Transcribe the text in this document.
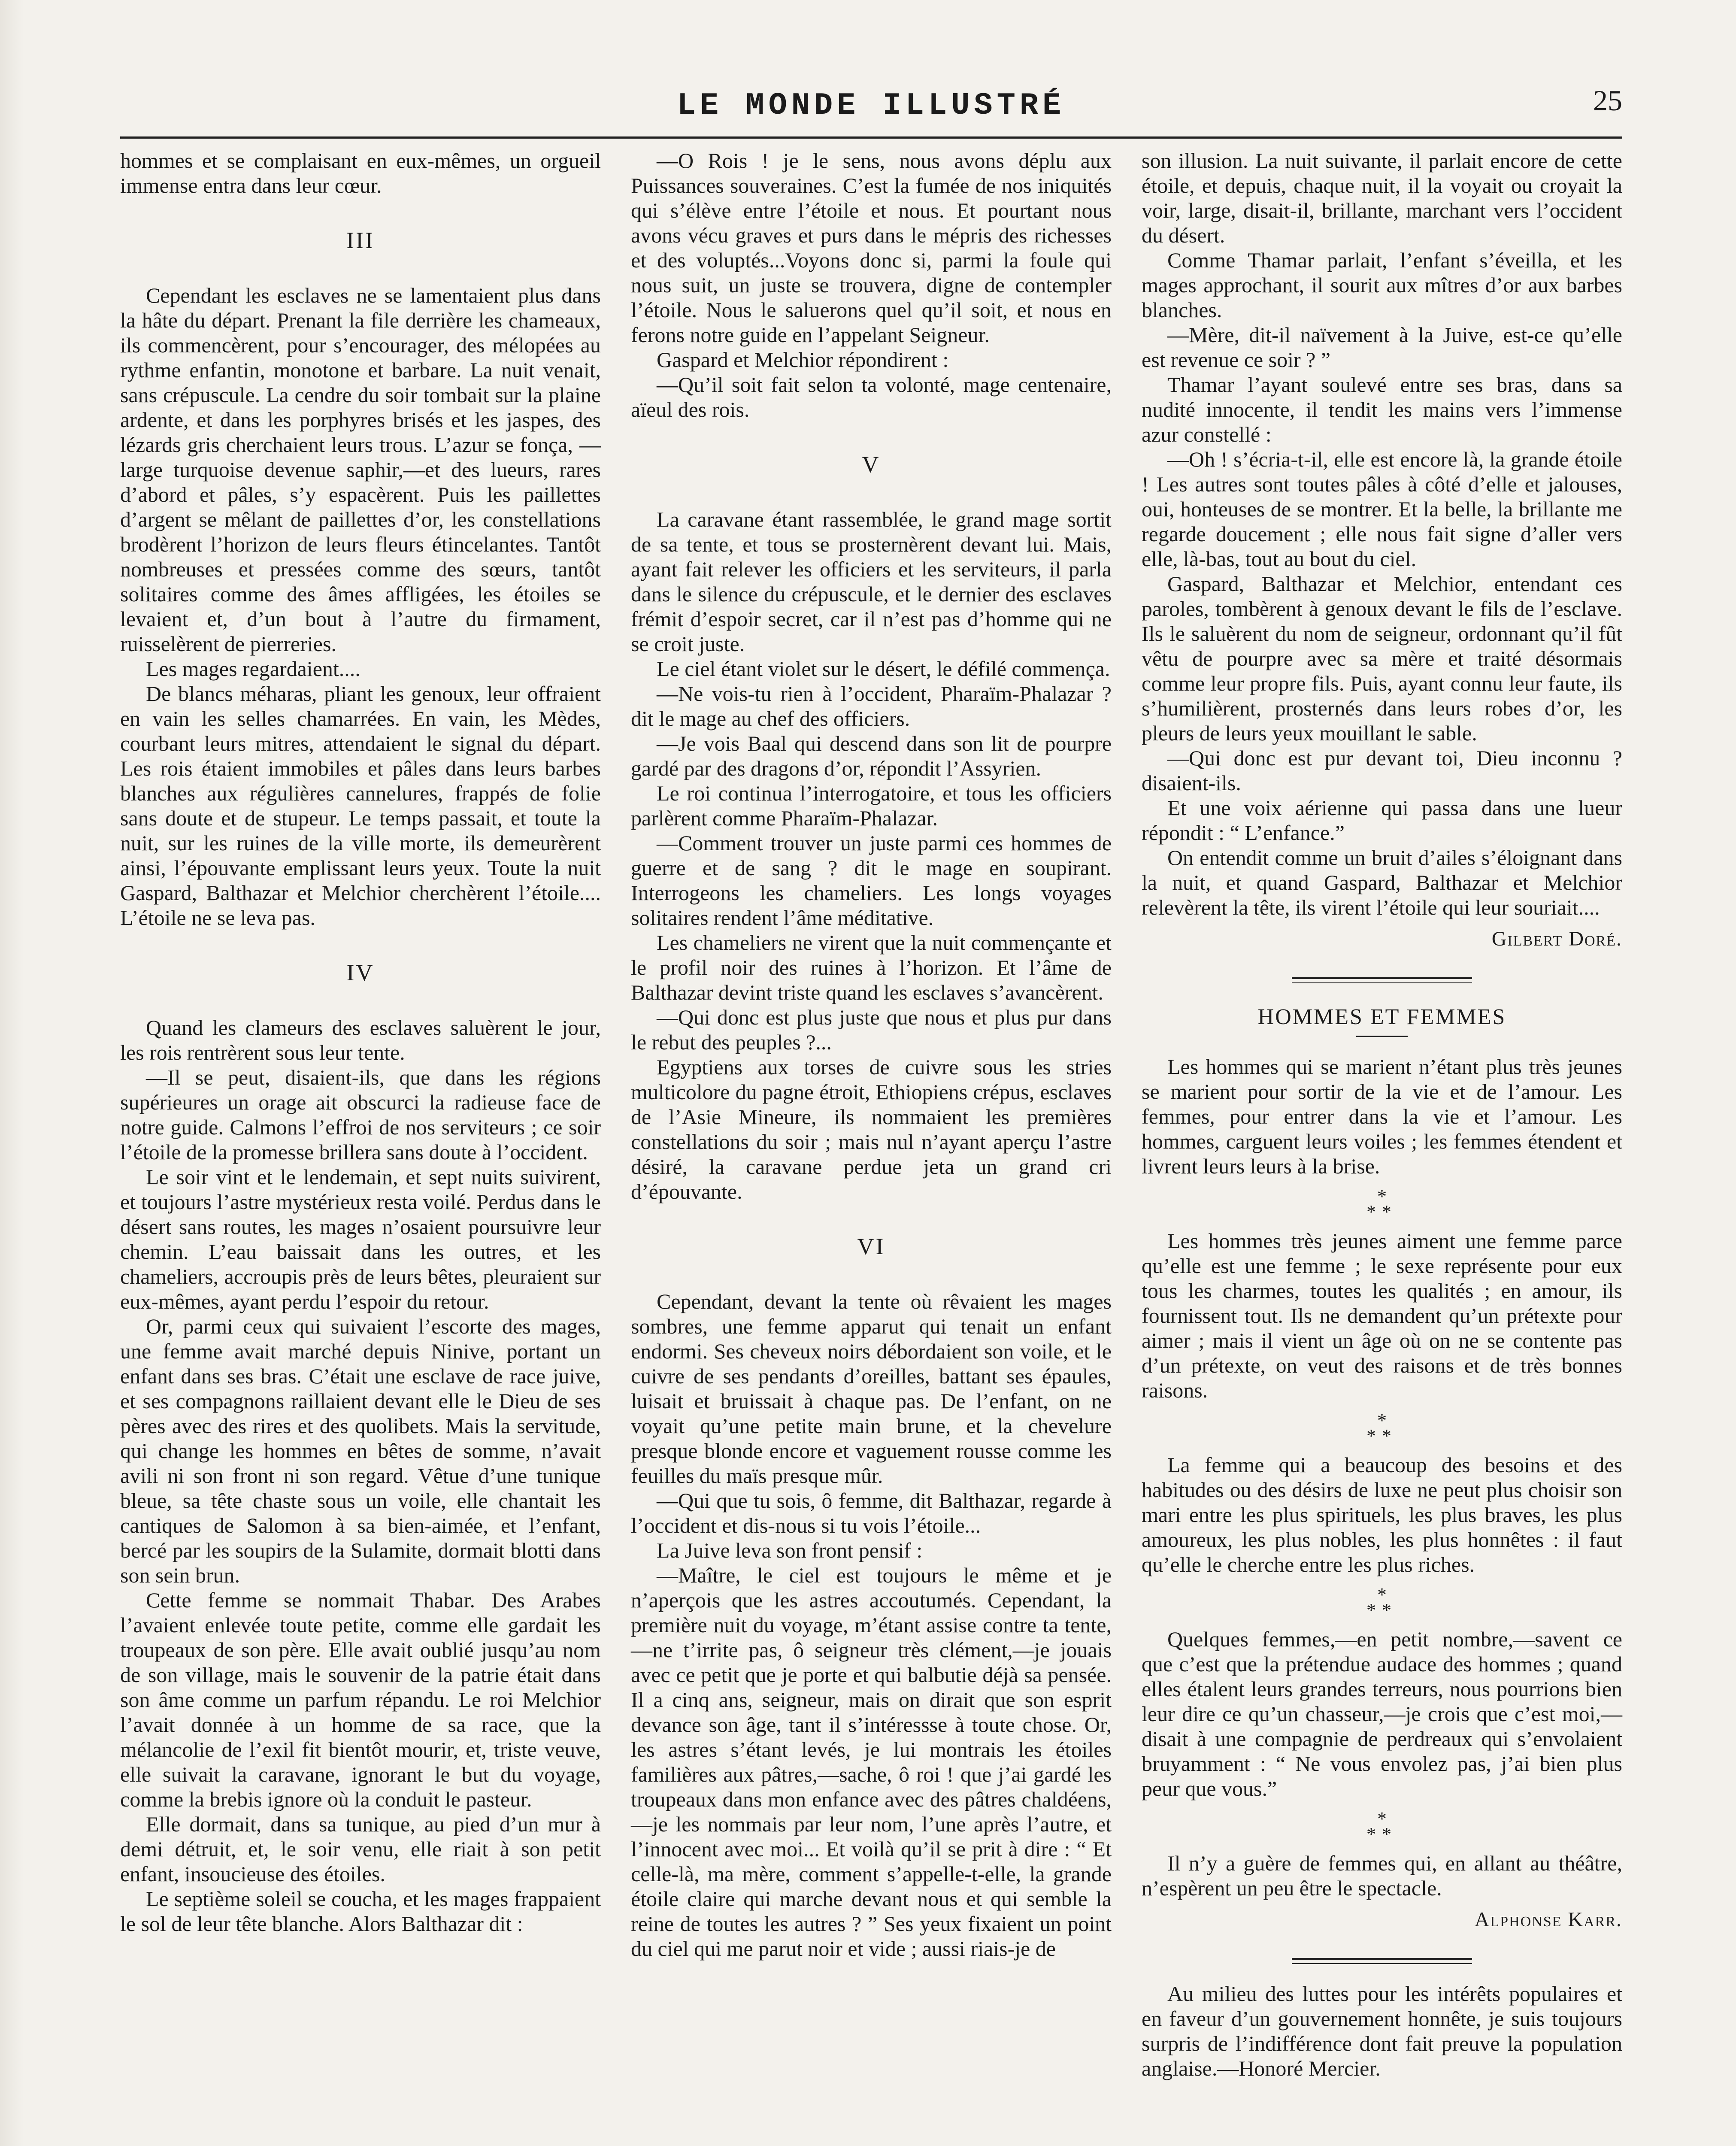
LE MONDE ILLUSTRÉ	25

hommes et se complaisant en eux-mêmes, un orgueil immense entra dans leur cœur.

III

Cependant les esclaves ne se lamentaient plus dans la hâte du départ. Prenant la file derrière les chameaux, ils commencèrent, pour s’encourager, des mélopées au rythme enfantin, monotone et barbare. La nuit venait, sans crépuscule. La cendre du soir tombait sur la plaine ardente, et dans les porphyres brisés et les jaspes, des lézards gris cherchaient leurs trous. L’azur se fonça, — large turquoise devenue saphir,—et des lueurs, rares d’abord et pâles, s’y espacèrent. Puis les paillettes d’argent se mêlant de paillettes d’or, les constellations brodèrent l’horizon de leurs fleurs étincelantes. Tantôt nombreuses et pressées comme des sœurs, tantôt solitaires comme des âmes affligées, les étoiles se levaient et, d’un bout à l’autre du firmament, ruisselèrent de pierreries.

Les mages regardaient....

De blancs méharas, pliant les genoux, leur offraient en vain les selles chamarrées. En vain, les Mèdes, courbant leurs mitres, attendaient le signal du départ. Les rois étaient immobiles et pâles dans leurs barbes blanches aux régulières cannelures, frappés de folie sans doute et de stupeur. Le temps passait, et toute la nuit, sur les ruines de la ville morte, ils demeurèrent ainsi, l’épouvante emplissant leurs yeux. Toute la nuit Gaspard, Balthazar et Melchior cherchèrent l’étoile.... L’étoile ne se leva pas.

IV

Quand les clameurs des esclaves saluèrent le jour, les rois rentrèrent sous leur tente.

—Il se peut, disaient-ils, que dans les régions supérieures un orage ait obscurci la radieuse face de notre guide. Calmons l’effroi de nos serviteurs ; ce soir l’étoile de la promesse brillera sans doute à l’occident.

Le soir vint et le lendemain, et sept nuits suivirent, et toujours l’astre mystérieux resta voilé. Perdus dans le désert sans routes, les mages n’osaient poursuivre leur chemin. L’eau baissait dans les outres, et les chameliers, accroupis près de leurs bêtes, pleuraient sur eux-mêmes, ayant perdu l’espoir du retour.

Or, parmi ceux qui suivaient l’escorte des mages, une femme avait marché depuis Ninive, portant un enfant dans ses bras. C’était une esclave de race juive, et ses compagnons raillaient devant elle le Dieu de ses pères avec des rires et des quolibets. Mais la servitude, qui change les hommes en bêtes de somme, n’avait avili ni son front ni son regard. Vêtue d’une tunique bleue, sa tête chaste sous un voile, elle chantait les cantiques de Salomon à sa bien-aimée, et l’enfant, bercé par les soupirs de la Sulamite, dormait blotti dans son sein brun.

Cette femme se nommait Thabar. Des Arabes l’avaient enlevée toute petite, comme elle gardait les troupeaux de son père. Elle avait oublié jusqu’au nom de son village, mais le souvenir de la patrie était dans son âme comme un parfum répandu. Le roi Melchior l’avait donnée à un homme de sa race, que la mélancolie de l’exil fit bientôt mourir, et, triste veuve, elle suivait la caravane, ignorant le but du voyage, comme la brebis ignore où la conduit le pasteur.

Elle dormait, dans sa tunique, au pied d’un mur à demi détruit, et, le soir venu, elle riait à son petit enfant, insoucieuse des étoiles.

Le septième soleil se coucha, et les mages frappaient le sol de leur tête blanche. Alors Balthazar dit :

—O Rois ! je le sens, nous avons déplu aux Puissances souveraines. C’est la fumée de nos iniquités qui s’élève entre l’étoile et nous. Et pourtant nous avons vécu graves et purs dans le mépris des richesses et des voluptés...Voyons donc si, parmi la foule qui nous suit, un juste se trouvera, digne de contempler l’étoile. Nous le saluerons quel qu’il soit, et nous en ferons notre guide en l’appelant Seigneur.

Gaspard et Melchior répondirent :

—Qu’il soit fait selon ta volonté, mage centenaire, aïeul des rois.

V

La caravane étant rassemblée, le grand mage sortit de sa tente, et tous se prosternèrent devant lui. Mais, ayant fait relever les officiers et les serviteurs, il parla dans le silence du crépuscule, et le dernier des esclaves frémit d’espoir secret, car il n’est pas d’homme qui ne se croit juste.

Le ciel étant violet sur le désert, le défilé commença.

—Ne vois-tu rien à l’occident, Pharaïm-Phalazar ? dit le mage au chef des officiers.

—Je vois Baal qui descend dans son lit de pourpre gardé par des dragons d’or, répondit l’Assyrien.

Le roi continua l’interrogatoire, et tous les officiers parlèrent comme Pharaïm-Phalazar.

—Comment trouver un juste parmi ces hommes de guerre et de sang ? dit le mage en soupirant. Interrogeons les chameliers. Les longs voyages solitaires rendent l’âme méditative.

Les chameliers ne virent que la nuit commençante et le profil noir des ruines à l’horizon. Et l’âme de Balthazar devint triste quand les esclaves s’avancèrent.

—Qui donc est plus juste que nous et plus pur dans le rebut des peuples ?...

Egyptiens aux torses de cuivre sous les stries multicolore du pagne étroit, Ethiopiens crépus, esclaves de l’Asie Mineure, ils nommaient les premières constellations du soir ; mais nul n’ayant aperçu l’astre désiré, la caravane perdue jeta un grand cri d’épouvante.

VI

Cependant, devant la tente où rêvaient les mages sombres, une femme apparut qui tenait un enfant endormi. Ses cheveux noirs débordaient son voile, et le cuivre de ses pendants d’oreilles, battant ses épaules, luisait et bruissait à chaque pas. De l’enfant, on ne voyait qu’une petite main brune, et la chevelure presque blonde encore et vaguement rousse comme les feuilles du maïs presque mûr.

—Qui que tu sois, ô femme, dit Balthazar, regarde à l’occident et dis-nous si tu vois l’étoile...

La Juive leva son front pensif :

—Maître, le ciel est toujours le même et je n’aperçois que les astres accoutumés. Cependant, la première nuit du voyage, m’étant assise contre ta tente,—ne t’irrite pas, ô seigneur très clément,—je jouais avec ce petit que je porte et qui balbutie déjà sa pensée. Il a cinq ans, seigneur, mais on dirait que son esprit devance son âge, tant il s’intéressse à toute chose. Or, les astres s’étant levés, je lui montrais les étoiles familières aux pâtres,—sache, ô roi ! que j’ai gardé les troupeaux dans mon enfance avec des pâtres chaldéens,—je les nommais par leur nom, l’une après l’autre, et l’innocent avec moi... Et voilà qu’il se prit à dire : “ Et celle-là, ma mère, comment s’appelle-t-elle, la grande étoile claire qui marche devant nous et qui semble la reine de toutes les autres ? ” Ses yeux fixaient un point du ciel qui me parut noir et vide ; aussi riais-je de

son illusion. La nuit suivante, il parlait encore de cette étoile, et depuis, chaque nuit, il la voyait ou croyait la voir, large, disait-il, brillante, marchant vers l’occident du désert.

Comme Thamar parlait, l’enfant s’éveilla, et les mages approchant, il sourit aux mîtres d’or aux barbes blanches.

—Mère, dit-il naïvement à la Juive, est-ce qu’elle est revenue ce soir ? ”

Thamar l’ayant soulevé entre ses bras, dans sa nudité innocente, il tendit les mains vers l’immense azur constellé :

—Oh ! s’écria-t-il, elle est encore là, la grande étoile ! Les autres sont toutes pâles à côté d’elle et jalouses, oui, honteuses de se montrer. Et la belle, la brillante me regarde doucement ; elle nous fait signe d’aller vers elle, là-bas, tout au bout du ciel.

Gaspard, Balthazar et Melchior, entendant ces paroles, tombèrent à genoux devant le fils de l’esclave. Ils le saluèrent du nom de seigneur, ordonnant qu’il fût vêtu de pourpre avec sa mère et traité désormais comme leur propre fils. Puis, ayant connu leur faute, ils s’humilièrent, prosternés dans leurs robes d’or, les pleurs de leurs yeux mouillant le sable.

—Qui donc est pur devant toi, Dieu inconnu ? disaient-ils.

Et une voix aérienne qui passa dans une lueur répondit : “ L’enfance.”

On entendit comme un bruit d’ailes s’éloignant dans la nuit, et quand Gaspard, Balthazar et Melchior relevèrent la tête, ils virent l’étoile qui leur souriait....

Gilbert Doré.
HOMMES ET FEMMES

Les hommes qui se marient n’étant plus très jeunes se marient pour sortir de la vie et de l’amour. Les femmes, pour entrer dans la vie et l’amour. Les hommes, carguent leurs voiles ; les femmes étendent et livrent leurs leurs à la brise.

*
**

Les hommes très jeunes aiment une femme parce qu’elle est une femme ; le sexe représente pour eux tous les charmes, toutes les qualités ; en amour, ils fournissent tout. Ils ne demandent qu’un prétexte pour aimer ; mais il vient un âge où on ne se contente pas d’un prétexte, on veut des raisons et de très bonnes raisons.

*
**

La femme qui a beaucoup des besoins et des habitudes ou des désirs de luxe ne peut plus choisir son mari entre les plus spirituels, les plus braves, les plus amoureux, les plus nobles, les plus honnêtes : il faut qu’elle le cherche entre les plus riches.

*
**

Quelques femmes,—en petit nombre,—savent ce que c’est que la prétendue audace des hommes ; quand elles étalent leurs grandes terreurs, nous pourrions bien leur dire ce qu’un chasseur,—je crois que c’est moi,—disait à une compagnie de perdreaux qui s’envolaient bruyamment : “ Ne vous envolez pas, j’ai bien plus peur que vous.”

*
**

Il n’y a guère de femmes qui, en allant au théâtre, n’espèrent un peu être le spectacle.

Alphonse Karr.

Au milieu des luttes pour les intérêts populaires et en faveur d’un gouvernement honnête, je suis toujours surpris de l’indifférence dont fait preuve la population anglaise.—Honoré Mercier.
